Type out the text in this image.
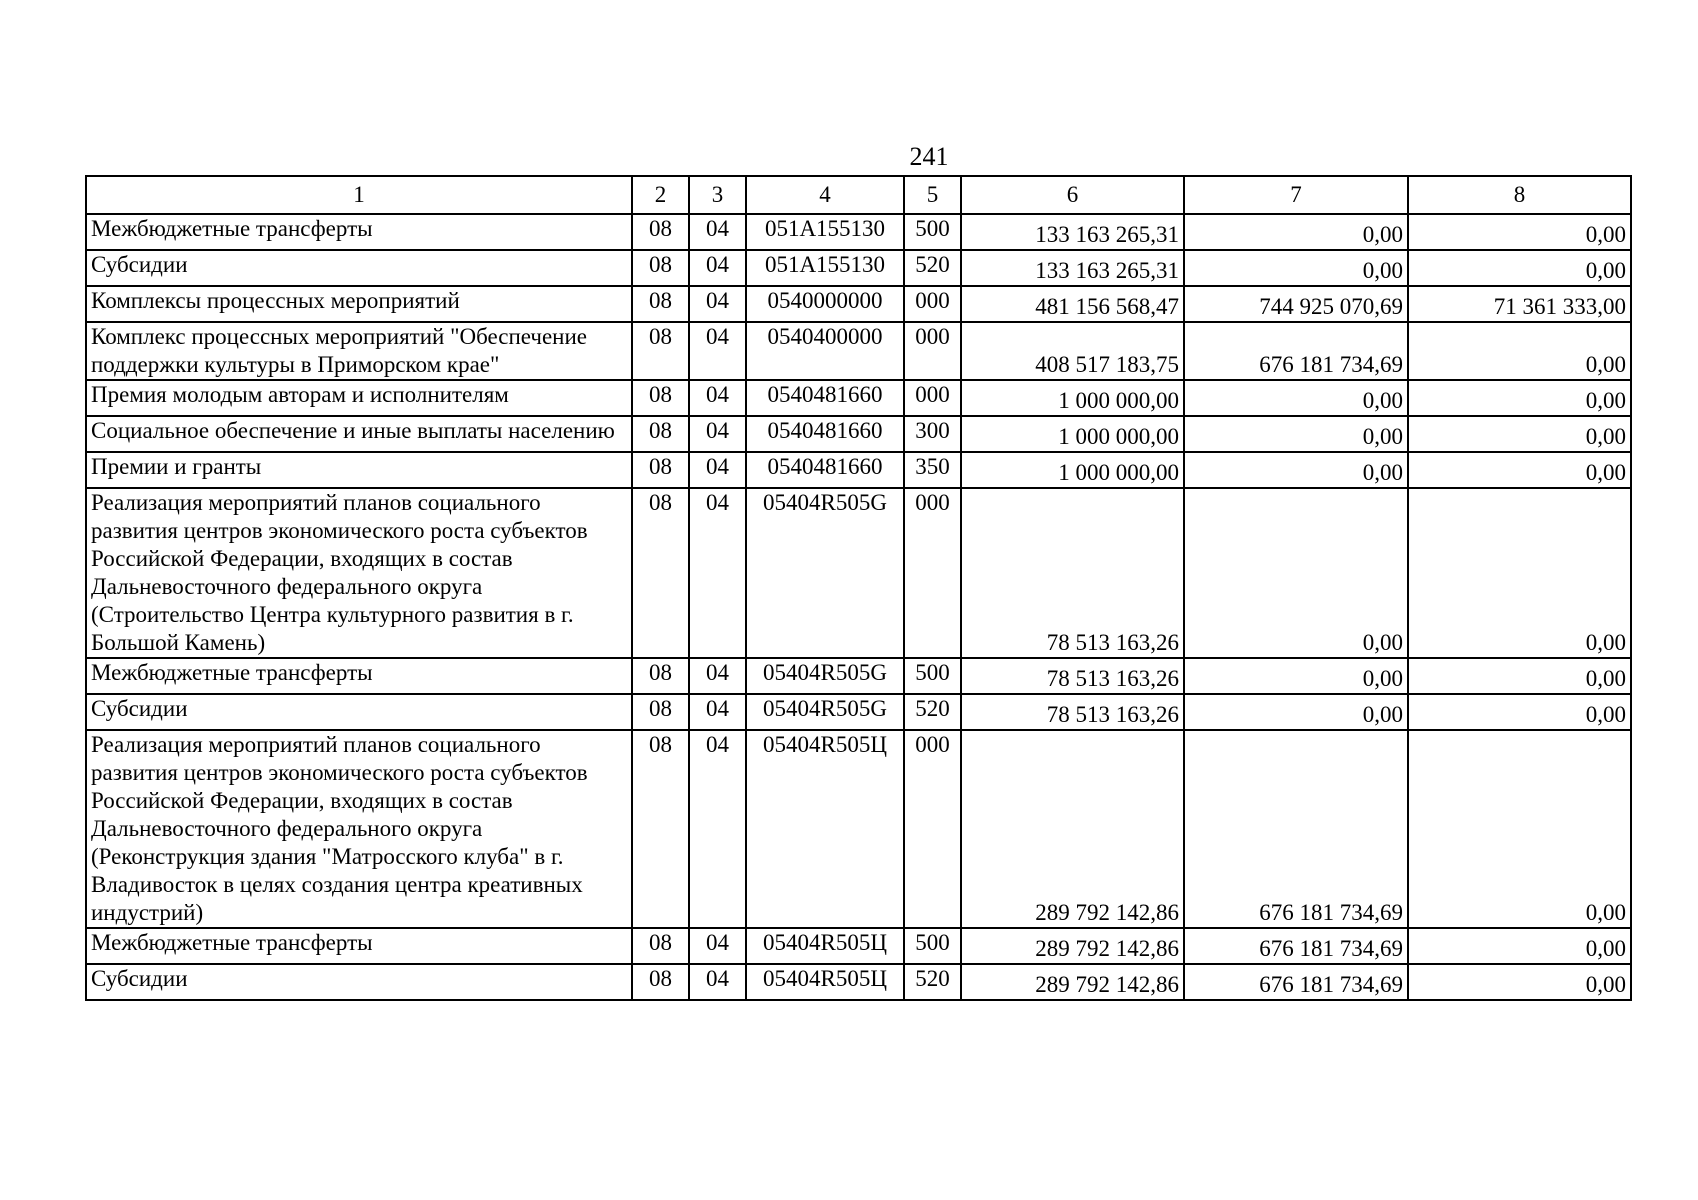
241
1	2	3	4	5	6	7	8
Межбюджетные трансферты	08	04	051A155130	500	133 163 265,31	0,00	0,00
Субсидии	08	04	051A155130	520	133 163 265,31	0,00	0,00
Комплексы процессных мероприятий	08	04	0540000000	000	481 156 568,47	744 925 070,69	71 361 333,00
Комплекс процессных мероприятий "Обеспечение поддержки культуры в Приморском крае"	08	04	0540400000	000	408 517 183,75	676 181 734,69	0,00
Премия молодым авторам и исполнителям	08	04	0540481660	000	1 000 000,00	0,00	0,00
Социальное обеспечение и иные выплаты населению	08	04	0540481660	300	1 000 000,00	0,00	0,00
Премии и гранты	08	04	0540481660	350	1 000 000,00	0,00	0,00
Реализация мероприятий планов социального развития центров экономического роста субъектов Российской Федерации, входящих в состав Дальневосточного федерального округа (Строительство Центра культурного развития в г. Большой Камень)	08	04	05404R505G	000	78 513 163,26	0,00	0,00
Межбюджетные трансферты	08	04	05404R505G	500	78 513 163,26	0,00	0,00
Субсидии	08	04	05404R505G	520	78 513 163,26	0,00	0,00
Реализация мероприятий планов социального развития центров экономического роста субъектов Российской Федерации, входящих в состав Дальневосточного федерального округа (Реконструкция здания "Матросского клуба" в г. Владивосток в целях создания центра креативных индустрий)	08	04	05404R505Ц	000	289 792 142,86	676 181 734,69	0,00
Межбюджетные трансферты	08	04	05404R505Ц	500	289 792 142,86	676 181 734,69	0,00
Субсидии	08	04	05404R505Ц	520	289 792 142,86	676 181 734,69	0,00
